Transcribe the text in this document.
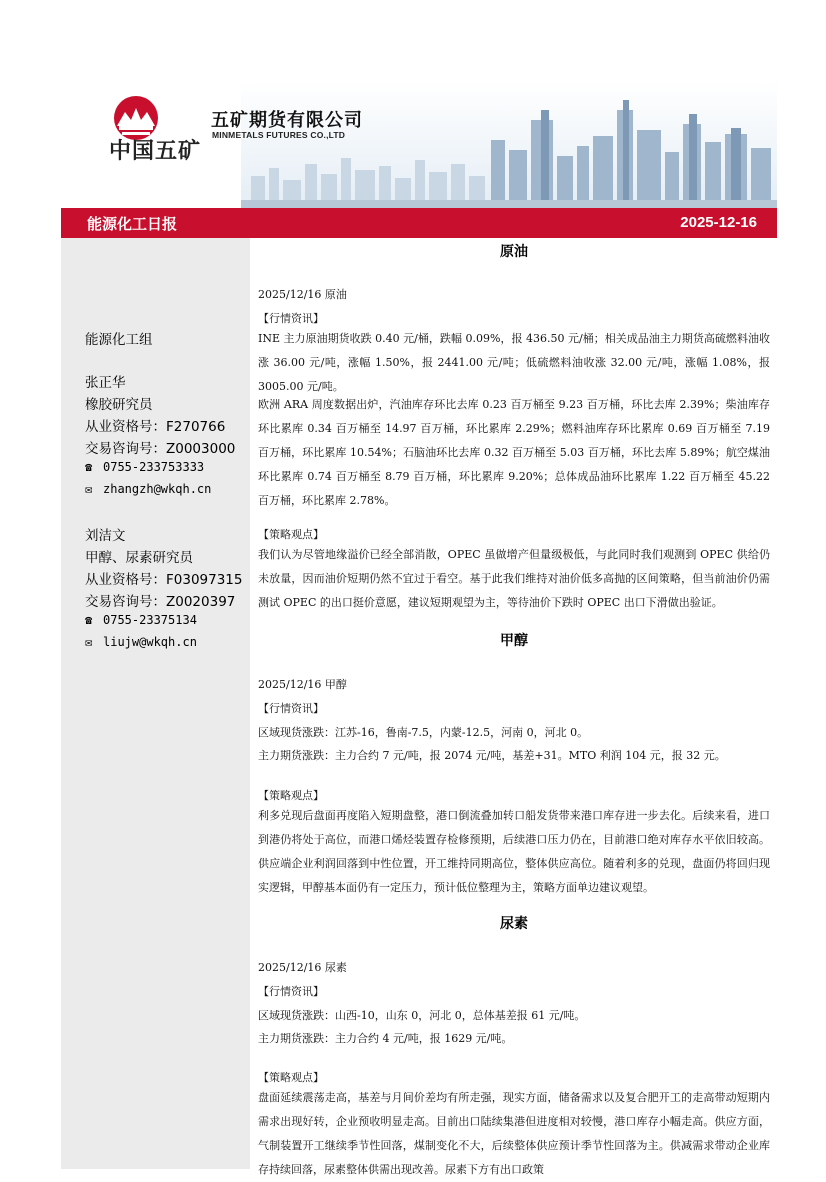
中国五矿
五矿期货有限公司
MINMETALS FUTURES CO.,LTD
能源化工日报	2025-12-16
能源化工组
张正华
橡胶研究员
从业资格号：F270766
交易咨询号：Z0003000
☎ 0755-233753333
✉ zhangzh@wkqh.cn
刘洁文
甲醇、尿素研究员
从业资格号：F03097315
交易咨询号：Z0020397
☎ 0755-23375134
✉ liujw@wkqh.cn
原油
2025/12/16 原油
【行情资讯】
INE 主力原油期货收跌 0.40 元/桶，跌幅 0.09%，报 436.50 元/桶；相关成品油主力期货高硫燃料油收涨 36.00 元/吨，涨幅 1.50%，报 2441.00 元/吨；低硫燃料油收涨 32.00 元/吨，涨幅 1.08%，报 3005.00 元/吨。
欧洲 ARA 周度数据出炉，汽油库存环比去库 0.23 百万桶至 9.23 百万桶，环比去库 2.39%；柴油库存环比累库 0.34 百万桶至 14.97 百万桶，环比累库 2.29%；燃料油库存环比累库 0.69 百万桶至 7.19 百万桶，环比累库 10.54%；石脑油环比去库 0.32 百万桶至 5.03 百万桶，环比去库 5.89%；航空煤油环比累库 0.74 百万桶至 8.79 百万桶，环比累库 9.20%；总体成品油环比累库 1.22 百万桶至 45.22 百万桶，环比累库 2.78%。
【策略观点】
我们认为尽管地缘溢价已经全部消散，OPEC 虽做增产但量级极低，与此同时我们观测到 OPEC 供给仍未放量，因而油价短期仍然不宜过于看空。基于此我们维持对油价低多高抛的区间策略，但当前油价仍需测试 OPEC 的出口挺价意愿，建议短期观望为主，等待油价下跌时 OPEC 出口下滑做出验证。
甲醇
2025/12/16 甲醇
【行情资讯】
区域现货涨跌：江苏-16，鲁南-7.5，内蒙-12.5，河南 0，河北 0。
主力期货涨跌：主力合约 7 元/吨，报 2074 元/吨，基差+31。MTO 利润 104 元，报 32 元。
【策略观点】
利多兑现后盘面再度陷入短期盘整，港口倒流叠加转口船发货带来港口库存进一步去化。后续来看，进口到港仍将处于高位，而港口烯烃装置存检修预期，后续港口压力仍在，目前港口绝对库存水平依旧较高。供应端企业利润回落到中性位置，开工维持同期高位，整体供应高位。随着利多的兑现，盘面仍将回归现实逻辑，甲醇基本面仍有一定压力，预计低位整理为主，策略方面单边建议观望。
尿素
2025/12/16 尿素
【行情资讯】
区域现货涨跌：山西-10，山东 0，河北 0，总体基差报 61 元/吨。
主力期货涨跌：主力合约 4 元/吨，报 1629 元/吨。
【策略观点】
盘面延续震荡走高，基差与月间价差均有所走强，现实方面，储备需求以及复合肥开工的走高带动短期内需求出现好转，企业预收明显走高。目前出口陆续集港但进度相对较慢，港口库存小幅走高。供应方面，气制装置开工继续季节性回落，煤制变化不大，后续整体供应预计季节性回落为主。供减需求带动企业库存持续回落，尿素整体供需出现改善。尿素下方有出口政策
